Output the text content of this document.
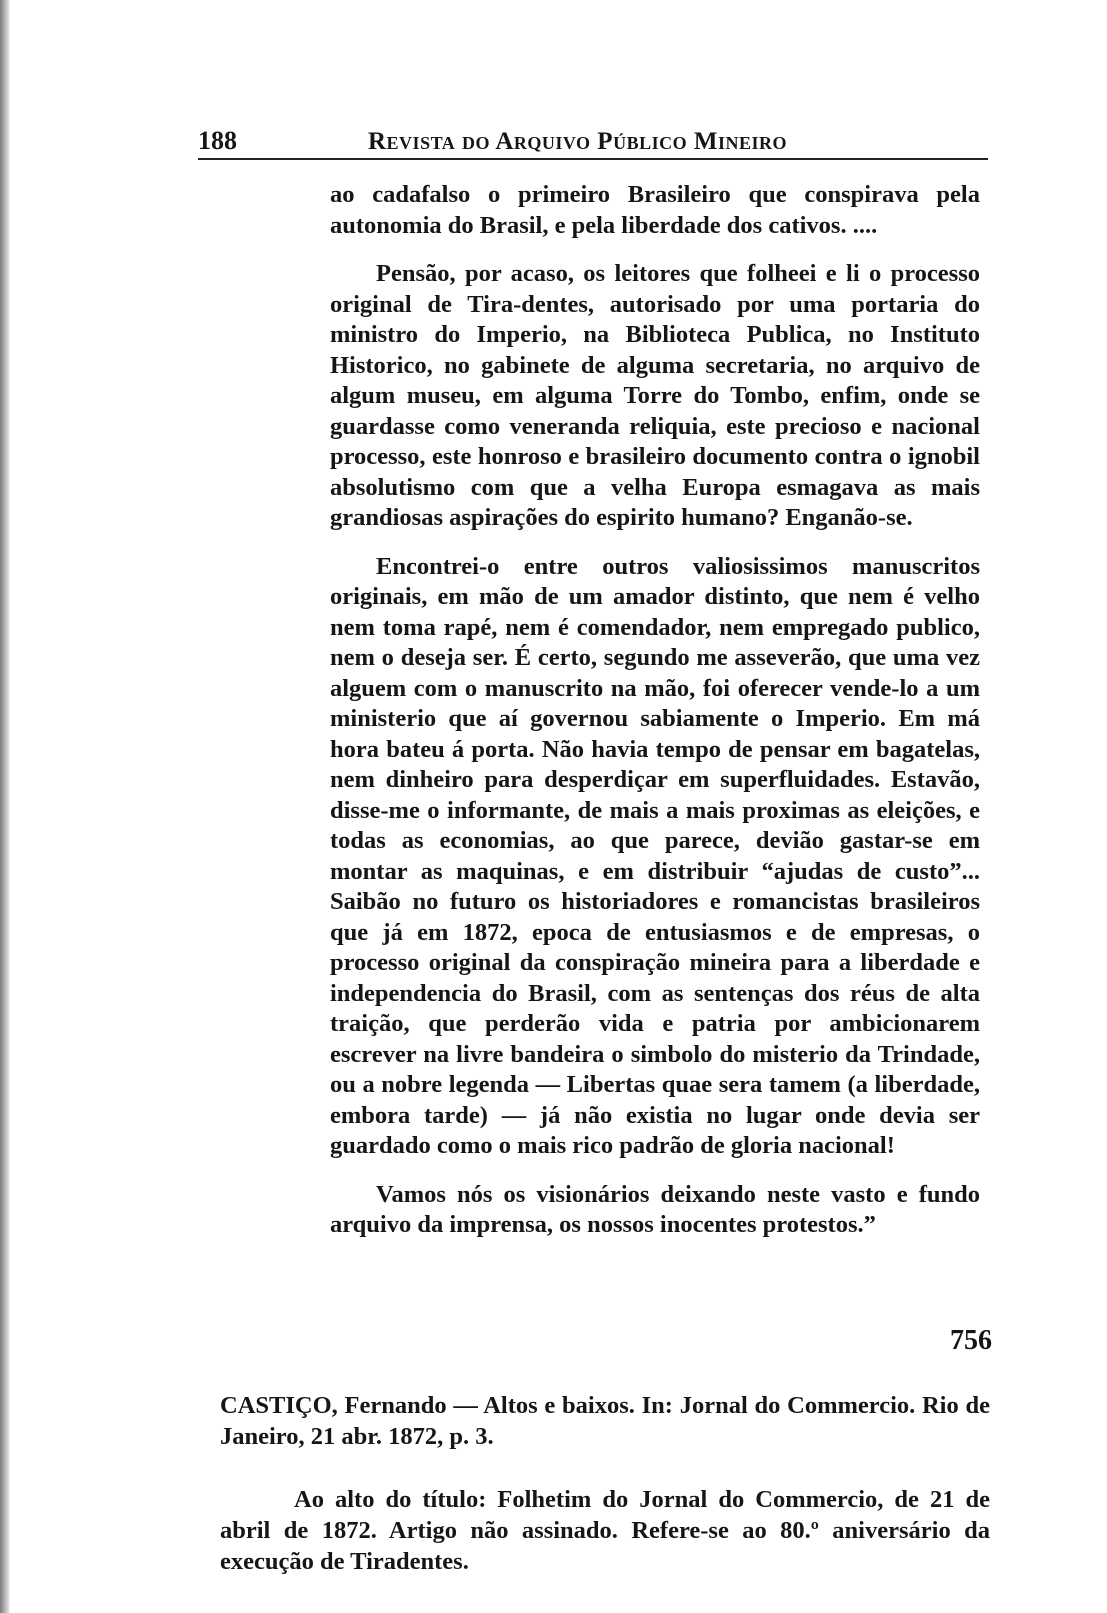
188	Revista do Arquivo Público Mineiro

ao cadafalso o primeiro Brasileiro que conspirava pela autonomia do Brasil, e pela liberdade dos cativos. ....

Pensão, por acaso, os leitores que folheei e li o processo original de Tira-dentes, autorisado por uma portaria do ministro do Imperio, na Bibliotеca Publica, no Instituto Historico, no gabinete de alguma secretaria, no arquivo de algum museu, em alguma Torre do Tombo, enfim, onde se guardasse como veneranda reliquia, este precioso e nacional processo, este honroso e brasileiro documento contra o ignobil absolutismo com que a velha Europa esmagava as mais grandiosas aspirações do espirito humano? Enganão-se.

Encontrei-o entre outros valiosissimos manuscritos originais, em mão de um amador distinto, que nem é velho nem toma rapé, nem é comendador, nem empregado publico, nem o deseja ser. É certo, segundo me asseverão, que uma vez alguem com o manuscrito na mão, foi oferecer vende-lo a um ministerio que aí governou sabiamente o Imperio. Em má hora bateu á porta. Não havia tempo de pensar em bagatelas, nem dinheiro para desperdiçar em superfluidades. Estavão, disse-me o informante, de mais a mais proximas as eleições, e todas as economias, ao que parece, devião gastar-se em montar as maquinas, e em distribuir “ajudas de custo”... Saibão no futuro os historiadores e romancistas brasileiros que já em 1872, epoca de entusiasmos e de empresas, o processo original da conspiração mineira para a liberdade e independencia do Brasil, com as sentenças dos réus de alta traição, que perderão vida e patria por ambicionarem escrever na livre bandeira o simbolo do misterio da Trindade, ou a nobre legenda — Libertas quae sera tamem (a liberdade, embora tarde) — já não existia no lugar onde devia ser guardado como o mais rico padrão de gloria nacional!

Vamos nós os visionários deixando neste vasto e fundo arquivo da imprensa, os nossos inocentes protestos.”

756

CASTIÇO, Fernando — Altos e baixos. In: Jornal do Commercio. Rio de Janeiro, 21 abr. 1872, p. 3.

Ao alto do título: Folhetim do Jornal do Commercio, de 21 de abril de 1872. Artigo não assinado. Refere-se ao 80.º aniversário da execução de Tiradentes.
